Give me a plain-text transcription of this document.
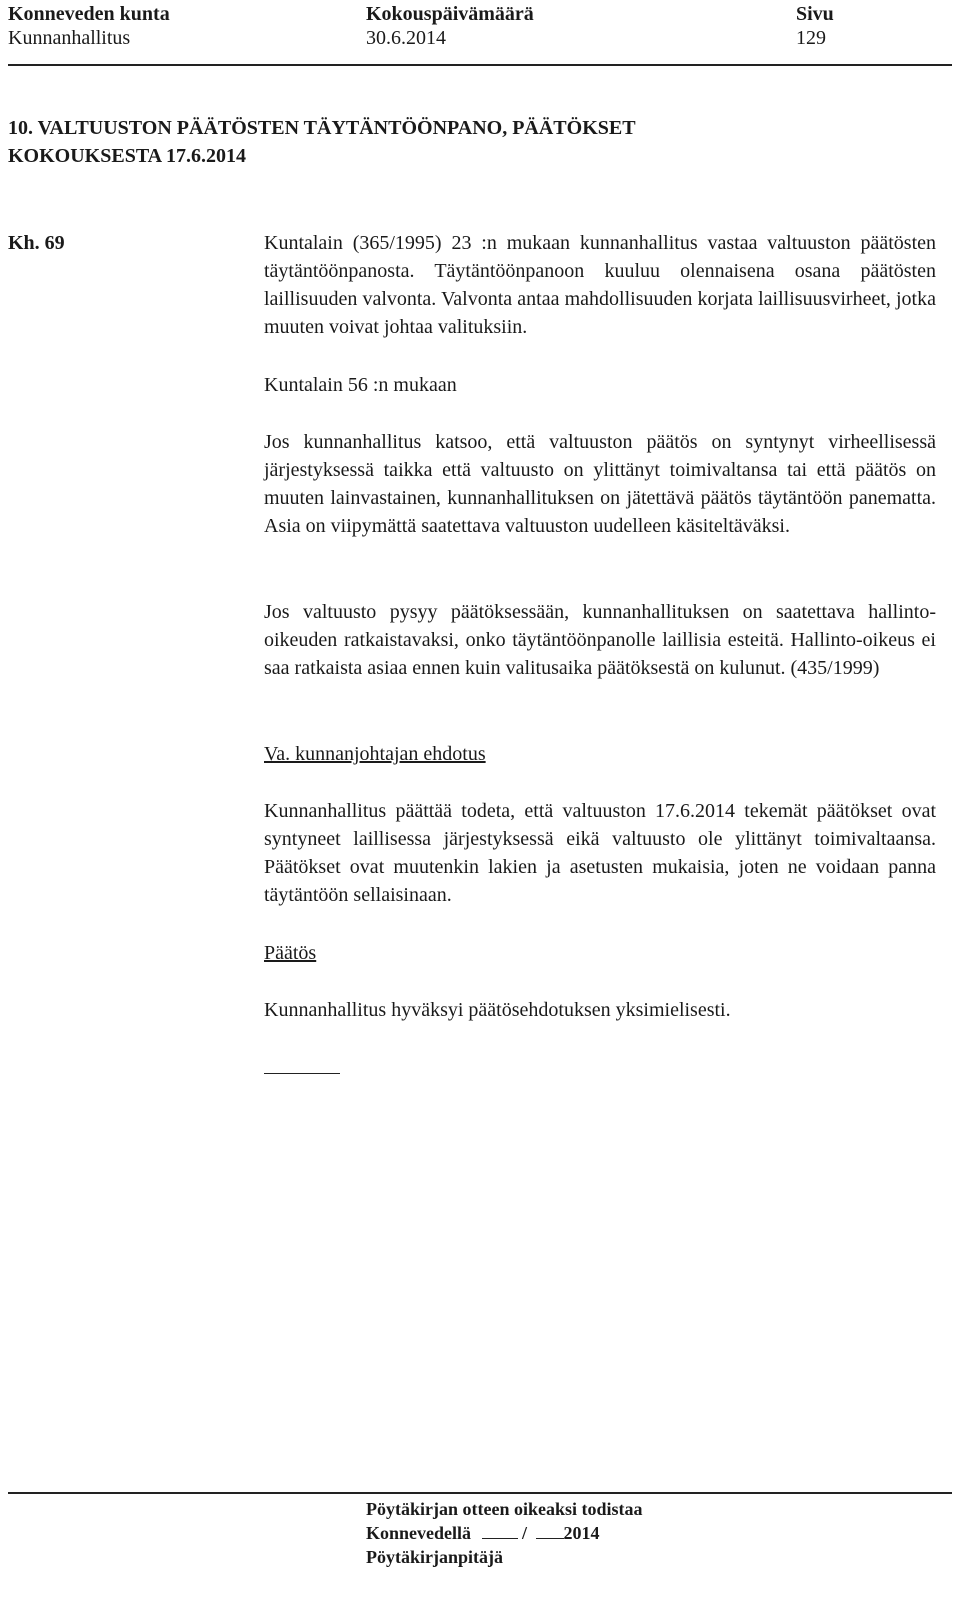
Konneveden kunta
Kunnanhallitus
Kokouspäivämäärä
30.6.2014
Sivu
129
10. VALTUUSTON PÄÄTÖSTEN TÄYTÄNTÖÖNPANO, PÄÄTÖKSET
KOKOUKSESTA 17.6.2014
Kh. 69	Kuntalain (365/1995) 23 :n mukaan kunnanhallitus vastaa valtuuston päätösten täytäntöönpanosta. Täytäntöönpanoon kuuluu olennaisena osana päätösten laillisuuden valvonta. Valvonta antaa mahdollisuuden korjata laillisuusvirheet, jotka muuten voivat johtaa valituksiin.

Kuntalain 56 :n mukaan

Jos kunnanhallitus katsoo, että valtuuston päätös on syntynyt virheellisessä järjestyksessä taikka että valtuusto on ylittänyt toimivaltansa tai että päätös on muuten lainvastainen, kunnanhallituksen on jätettävä päätös täytäntöön panematta. Asia on viipymättä saatettava valtuuston uudelleen käsiteltäväksi.

Jos valtuusto pysyy päätöksessään, kunnanhallituksen on saatettava hallinto-oikeuden ratkaistavaksi, onko täytäntöönpanolle laillisia esteitä. Hallinto-oikeus ei saa ratkaista asiaa ennen kuin valitusaika päätöksestä on kulunut. (435/1999)

Va. kunnanjohtajan ehdotus

Kunnanhallitus päättää todeta, että valtuuston 17.6.2014 tekemät päätökset ovat syntyneet laillisessa järjestyksessä eikä valtuusto ole ylittänyt toimivaltaansa. Päätökset ovat muutenkin lakien ja asetusten mukaisia, joten ne voidaan panna täytäntöön sellaisinaan.

Päätös

Kunnanhallitus hyväksyi päätösehdotuksen yksimielisesti.

Pöytäkirjan otteen oikeaksi todistaa
Konnevedellä	/ 2014
Pöytäkirjanpitäjä
